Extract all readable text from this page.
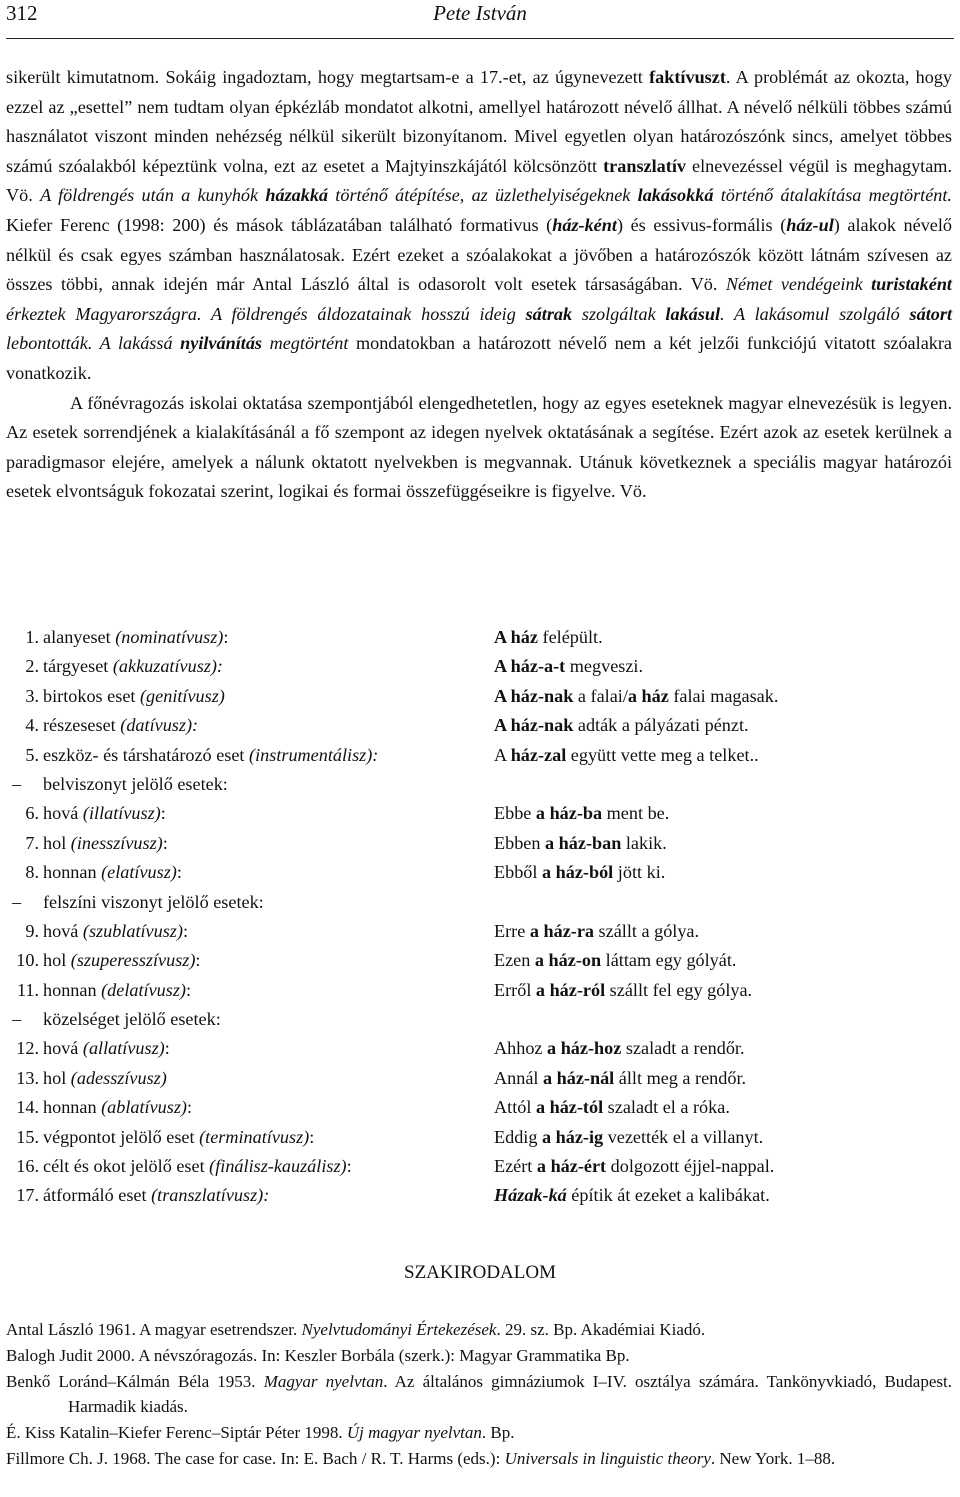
312	Pete István

sikerült kimutatnom. Sokáig ingadoztam, hogy megtartsam-e a 17.-et, az úgynevezett faktívuszt. A problémát az okozta, hogy ezzel az „esettel” nem tudtam olyan épkézláb mondatot alkotni, amellyel határozott névelő állhat. A névelő nélküli többes számú használatot viszont minden nehézség nélkül sikerült bizonyítanom. Mivel egyetlen olyan határozószónk sincs, amelyet többes számú szóalakból képeztünk volna, ezt az esetet a Majtyinszkájától kölcsönzött transzlatív elnevezéssel végül is meghagytam. Vö. A földrengés után a kunyhók házakká történő átépítése, az üzlethelyiségeknek lakásokká történő átalakítása megtörtént. Kiefer Ferenc (1998: 200) és mások táblázatában található formativus (ház-ként) és essivus-formális (ház-ul) alakok névelő nélkül és csak egyes számban használatosak. Ezért ezeket a szóalakokat a jövőben a határozószók között látnám szívesen az összes többi, annak idején már Antal László által is odasorolt volt esetek társaságában. Vö. Német vendégeink turistaként érkeztek Magyarországra. A földrengés áldozatainak hosszú ideig sátrak szolgáltak lakásul. A lakásomul szolgáló sátort lebontották. A lakássá nyilvánítás megtörtént mondatokban a határozott névelő nem a két jelzői funkciójú vitatott szóalakra vonatkozik.

A főnévragozás iskolai oktatása szempontjából elengedhetetlen, hogy az egyes eseteknek magyar elnevezésük is legyen. Az esetek sorrendjének a kialakításánál a fő szempont az idegen nyelvek oktatásának a segítése. Ezért azok az esetek kerülnek a paradigmasor elejére, amelyek a nálunk oktatott nyelvekben is megvannak. Utánuk következnek a speciális magyar határozói esetek elvontságuk fokozatai szerint, logikai és formai összefüggéseikre is figyelve. Vö.

1. alanyeset (nominatívusz):	A ház felépült.
2. tárgyeset (akkuzatívusz):	A ház-a-t megveszi.
3. birtokos eset (genitívusz)	A ház-nak a falai/a ház falai magasak.
4. részeseset (datívusz):	A ház-nak adták a pályázati pénzt.
5. eszköz- és társhatározó eset (instrumentálisz):	A ház-zal együtt vette meg a telket..
– belviszonyt jelölő esetek:
6. hová (illatívusz):	Ebbe a ház-ba ment be.
7. hol (inesszívusz):	Ebben a ház-ban lakik.
8. honnan (elatívusz):	Ebből a ház-ból jött ki.
– felszíni viszonyt jelölő esetek:
9. hová (szublatívusz):	Erre a ház-ra szállt a gólya.
10. hol (szuperesszívusz):	Ezen a ház-on láttam egy gólyát.
11. honnan (delatívusz):	Erről a ház-ról szállt fel egy gólya.
– közelséget jelölő esetek:
12. hová (allatívusz):	Ahhoz a ház-hoz szaladt a rendőr.
13. hol (adesszívusz)	Annál a ház-nál állt meg a rendőr.
14. honnan (ablatívusz):	Attól a ház-tól szaladt el a róka.
15. végpontot jelölő eset (terminatívusz):	Eddig a ház-ig vezették el a villanyt.
16. célt és okot jelölő eset (finálisz-kauzálisz):	Ezért a ház-ért dolgozott éjjel-nappal.
17. átformáló eset (transzlatívusz):	Házak-ká építik át ezeket a kalibákat.
SZAKIRODALOM
Antal László 1961. A magyar esetrendszer. Nyelvtudományi Értekezések. 29. sz. Bp. Akadémiai Kiadó.
Balogh Judit 2000. A névszóragozás. In: Keszler Borbála (szerk.): Magyar Grammatika Bp.
Benkő Loránd–Kálmán Béla 1953. Magyar nyelvtan. Az általános gimnáziumok I–IV. osztálya számára. Tankönyvkiadó, Budapest. Harmadik kiadás.
É. Kiss Katalin–Kiefer Ferenc–Siptár Péter 1998. Új magyar nyelvtan. Bp.
Fillmore Ch. J. 1968. The case for case. In: E. Bach / R. T. Harms (eds.): Universals in linguistic theory. New York. 1–88.
